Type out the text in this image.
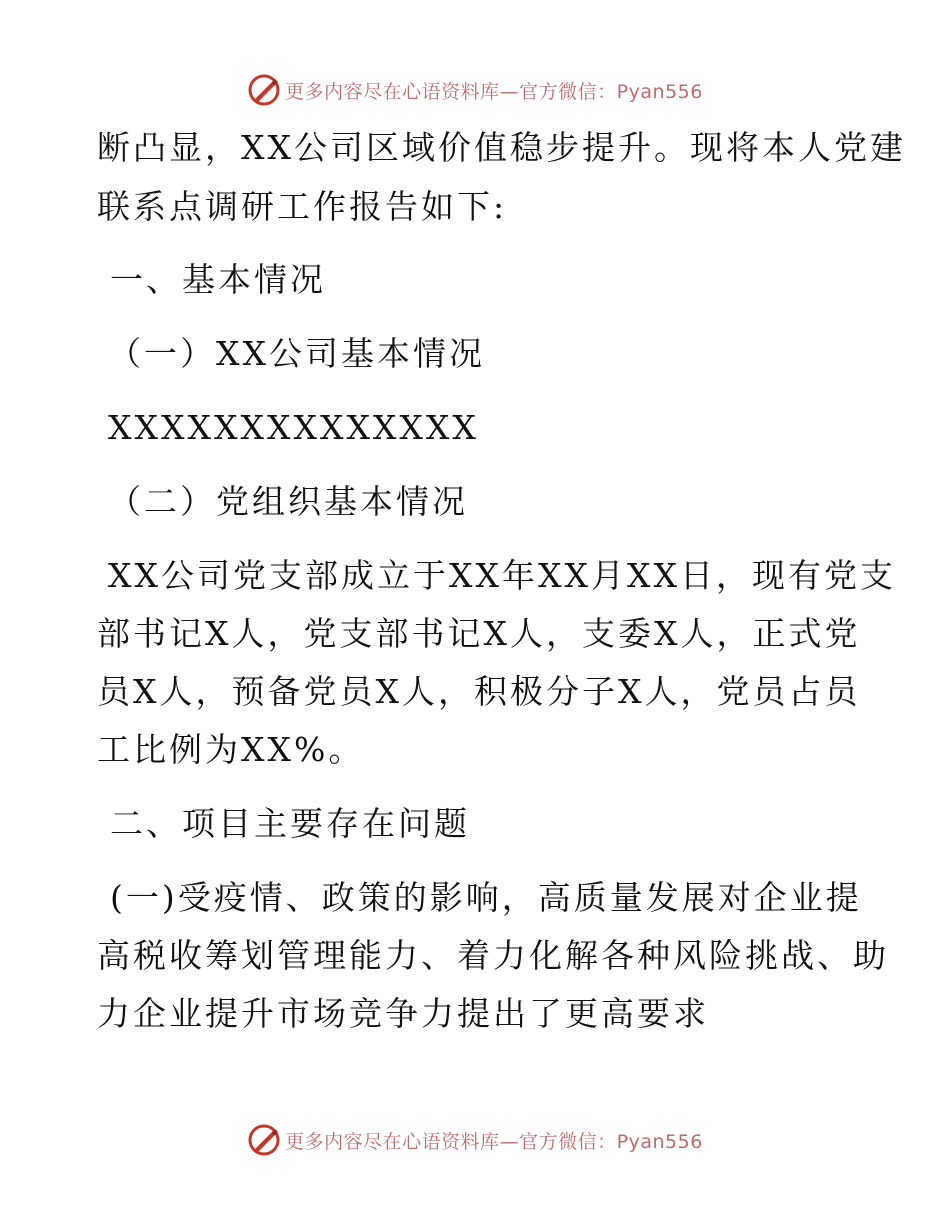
更多内容尽在心语资料库—官方微信：Pyan556
断凸显，XX公司区域价值稳步提升。现将本人党建
联系点调研工作报告如下:
一、基本情况
（一）XX公司基本情况
XXXXXXXXXXXXXX
（二）党组织基本情况
XX公司党支部成立于XX年XX月XX日，现有党支
部书记X人，党支部书记X人，支委X人，正式党
员X人，预备党员X人，积极分子X人，党员占员
工比例为XX%。
二、项目主要存在问题
(一)受疫情、政策的影响，高质量发展对企业提
高税收筹划管理能力、着力化解各种风险挑战、助
力企业提升市场竞争力提出了更高要求
更多内容尽在心语资料库—官方微信：Pyan556
